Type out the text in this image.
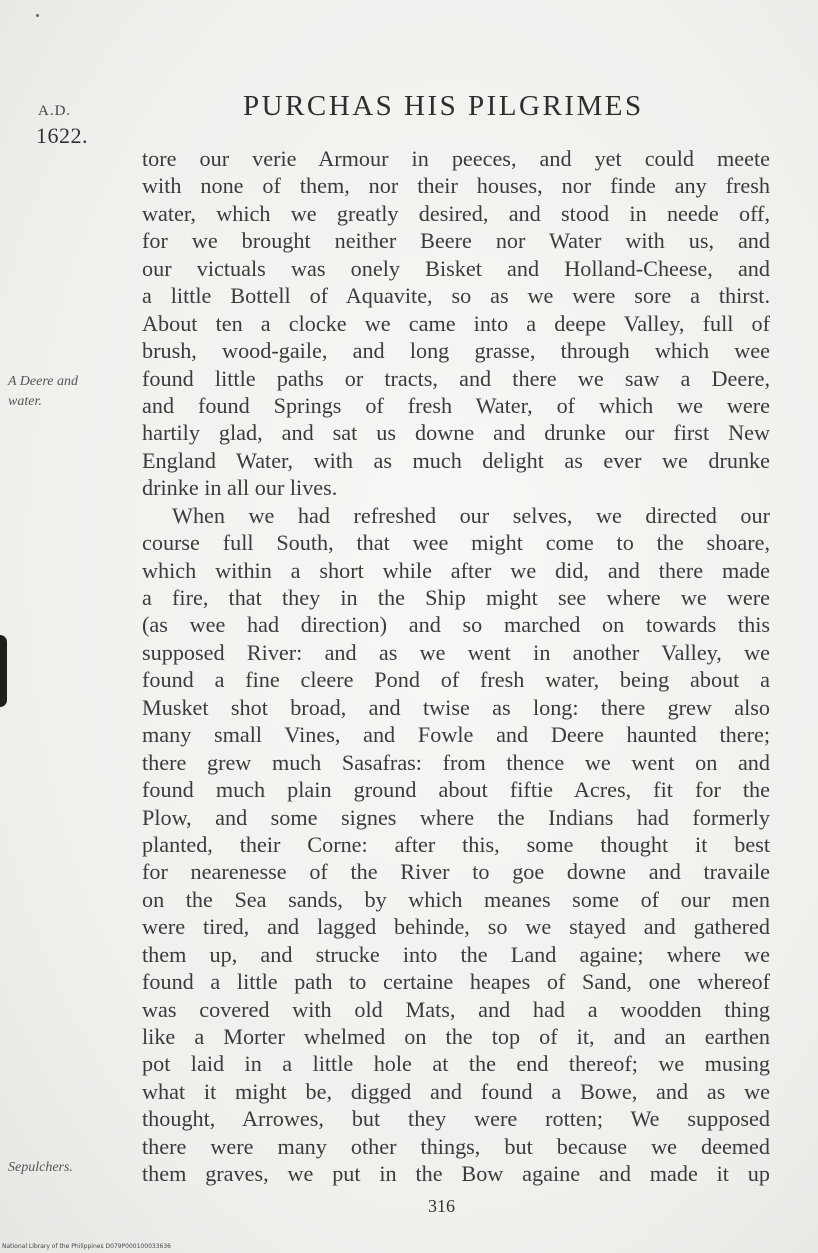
A.D.
1622.
PURCHAS HIS PILGRIMES
tore our verie Armour in peeces, and yet could meete
with none of them, nor their houses, nor finde any fresh
water, which we greatly desired, and stood in neede off,
for we brought neither Beere nor Water with us, and
our victuals was onely Bisket and Holland-Cheese, and
a little Bottell of Aquavite, so as we were sore a thirst.
About ten a clocke we came into a deepe Valley, full of
brush, wood-gaile, and long grasse, through which wee
found little paths or tracts, and there we saw a Deere,
and found Springs of fresh Water, of which we were
hartily glad, and sat us downe and drunke our first New
England Water, with as much delight as ever we drunke
drinke in all our lives.
When we had refreshed our selves, we directed our
course full South, that wee might come to the shoare,
which within a short while after we did, and there made
a fire, that they in the Ship might see where we were
(as wee had direction) and so marched on towards this
supposed River: and as we went in another Valley, we
found a fine cleere Pond of fresh water, being about a
Musket shot broad, and twise as long: there grew also
many small Vines, and Fowle and Deere haunted there;
there grew much Sasafras: from thence we went on and
found much plain ground about fiftie Acres, fit for the
Plow, and some signes where the Indians had formerly
planted, their Corne: after this, some thought it best
for nearenesse of the River to goe downe and travaile
on the Sea sands, by which meanes some of our men
were tired, and lagged behinde, so we stayed and gathered
them up, and strucke into the Land againe; where we
found a little path to certaine heapes of Sand, one whereof
was covered with old Mats, and had a woodden thing
like a Morter whelmed on the top of it, and an earthen
pot laid in a little hole at the end thereof; we musing
what it might be, digged and found a Bowe, and as we
thought, Arrowes, but they were rotten; We supposed
there were many other things, but because we deemed
them graves, we put in the Bow againe and made it up
A Deere and
water.
Sepulchers.
316
National Library of the Philippines D079P000100033636
